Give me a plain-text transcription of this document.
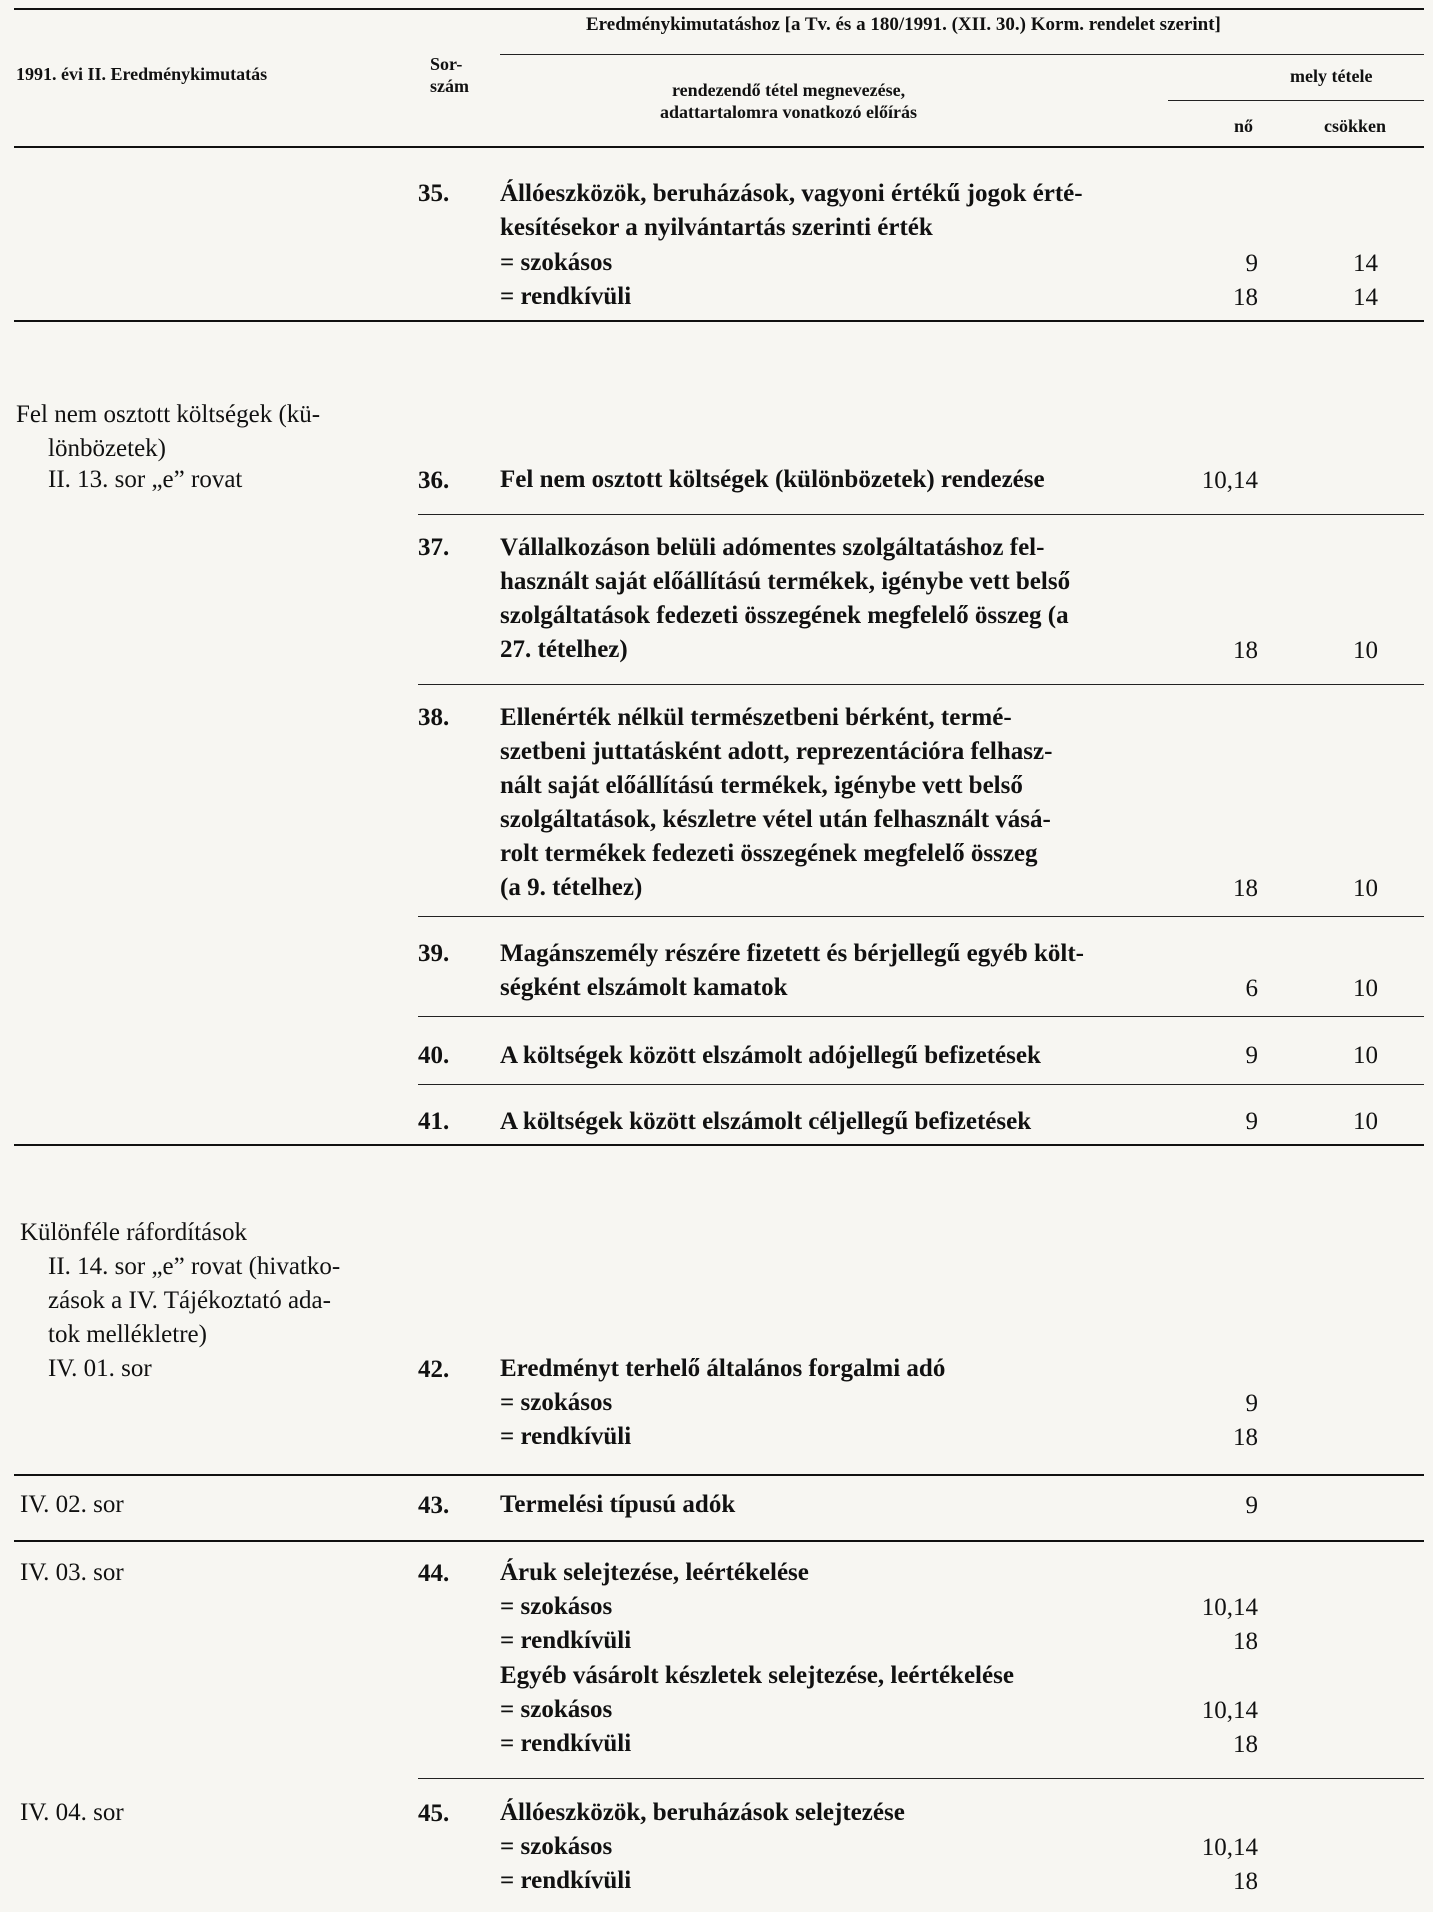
Eredménykimutatáshoz [a Tv. és a 180/1991. (XII. 30.) Korm. rendelet szerint]
1991. évi II. Eredménykimutatás	Sor-
szám	rendezendő tétel megnevezése,
adattartalomra vonatkozó előírás
mely tétele
nő	csökken
35. Állóeszközök, beruházások, vagyoni értékű jogok érté-
kesítésekor a nyilvántartás szerinti érték
= szokásos	9	14
= rendkívüli	18	14
Fel nem osztott költségek (kü-
lönbözetek)
II. 13. sor „e” rovat	36. Fel nem osztott költségek (különbözetek) rendezése	10,14
37. Vállalkozáson belüli adómentes szolgáltatáshoz fel-
használt saját előállítású termékek, igénybe vett belső
szolgáltatások fedezeti összegének megfelelő összeg (a
27. tételhez)	18	10
38. Ellenérték nélkül természetbeni bérként, termé-
szetbeni juttatásként adott, reprezentációra felhasz-
nált saját előállítású termékek, igénybe vett belső
szolgáltatások, készletre vétel után felhasznált vásá-
rolt termékek fedezeti összegének megfelelő összeg
(a 9. tételhez)	18	10
39. Magánszemély részére fizetett és bérjellegű egyéb költ-
ségként elszámolt kamatok	6	10
40. A költségek között elszámolt adójellegű befizetések	9	10
41. A költségek között elszámolt céljellegű befizetések	9	10
Különféle ráfordítások
II. 14. sor „e” rovat (hivatko-
zások a IV. Tájékoztató ada-
tok mellékletre)
IV. 01. sor	42. Eredményt terhelő általános forgalmi adó
= szokásos	9
= rendkívüli	18
IV. 02. sor	43. Termelési típusú adók	9
IV. 03. sor	44. Áruk selejtezése, leértékelése
= szokásos	10,14
= rendkívüli	18
Egyéb vásárolt készletek selejtezése, leértékelése
= szokásos	10,14
= rendkívüli	18
IV. 04. sor	45. Állóeszközök, beruházások selejtezése
= szokásos	10,14
= rendkívüli	18
